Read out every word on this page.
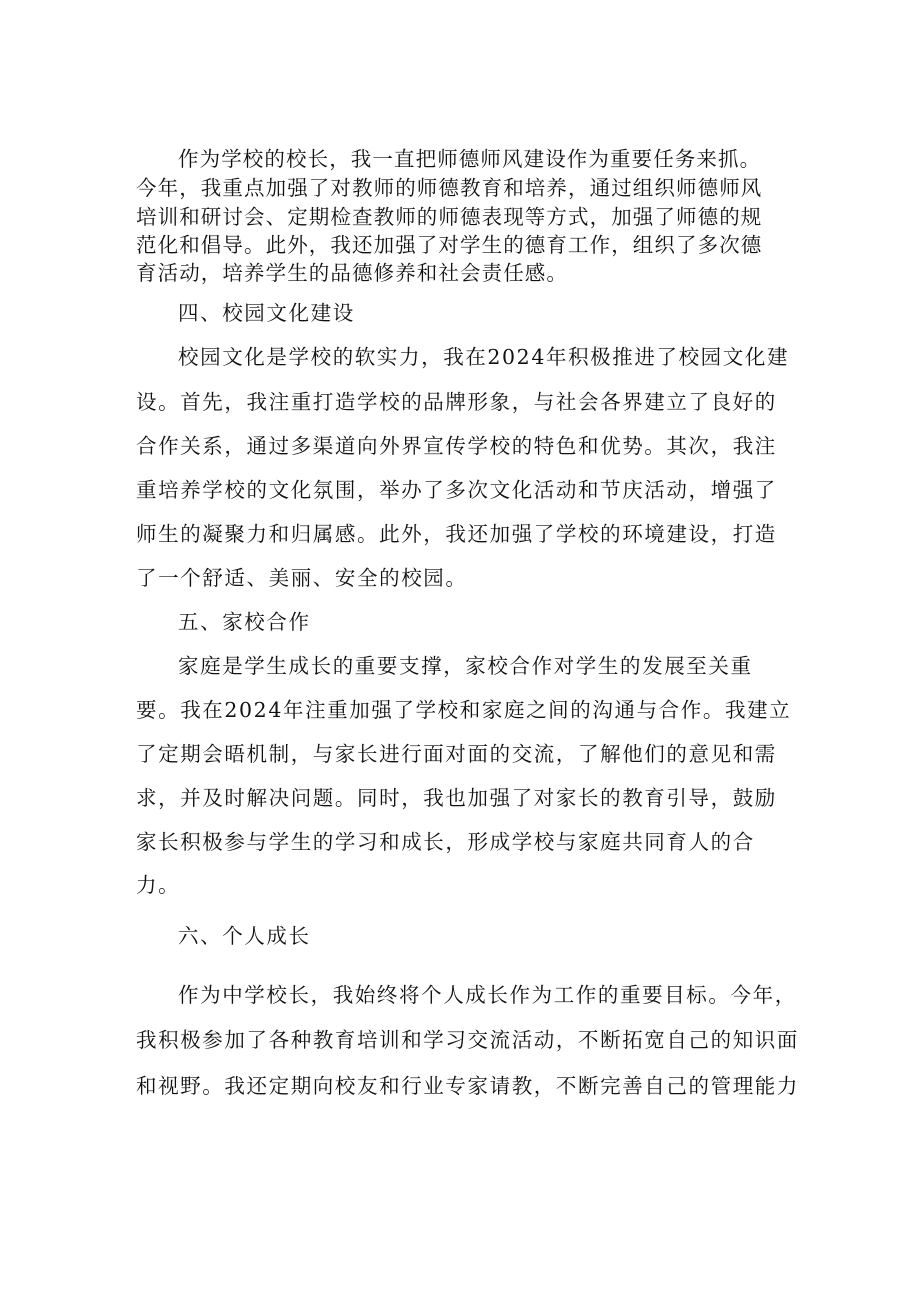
作为学校的校长，我一直把师德师风建设作为重要任务来抓。
今年，我重点加强了对教师的师德教育和培养，通过组织师德师风
培训和研讨会、定期检查教师的师德表现等方式，加强了师德的规
范化和倡导。此外，我还加强了对学生的德育工作，组织了多次德
育活动，培养学生的品德修养和社会责任感。
四、校园文化建设
校园文化是学校的软实力，我在2024年积极推进了校园文化建
设。首先，我注重打造学校的品牌形象，与社会各界建立了良好的
合作关系，通过多渠道向外界宣传学校的特色和优势。其次，我注
重培养学校的文化氛围，举办了多次文化活动和节庆活动，增强了
师生的凝聚力和归属感。此外，我还加强了学校的环境建设，打造
了一个舒适、美丽、安全的校园。
五、家校合作
家庭是学生成长的重要支撑，家校合作对学生的发展至关重
要。我在2024年注重加强了学校和家庭之间的沟通与合作。我建立
了定期会晤机制，与家长进行面对面的交流，了解他们的意见和需
求，并及时解决问题。同时，我也加强了对家长的教育引导，鼓励
家长积极参与学生的学习和成长，形成学校与家庭共同育人的合
力。
六、个人成长
作为中学校长，我始终将个人成长作为工作的重要目标。今年，
我积极参加了各种教育培训和学习交流活动，不断拓宽自己的知识面
和视野。我还定期向校友和行业专家请教，不断完善自己的管理能力
